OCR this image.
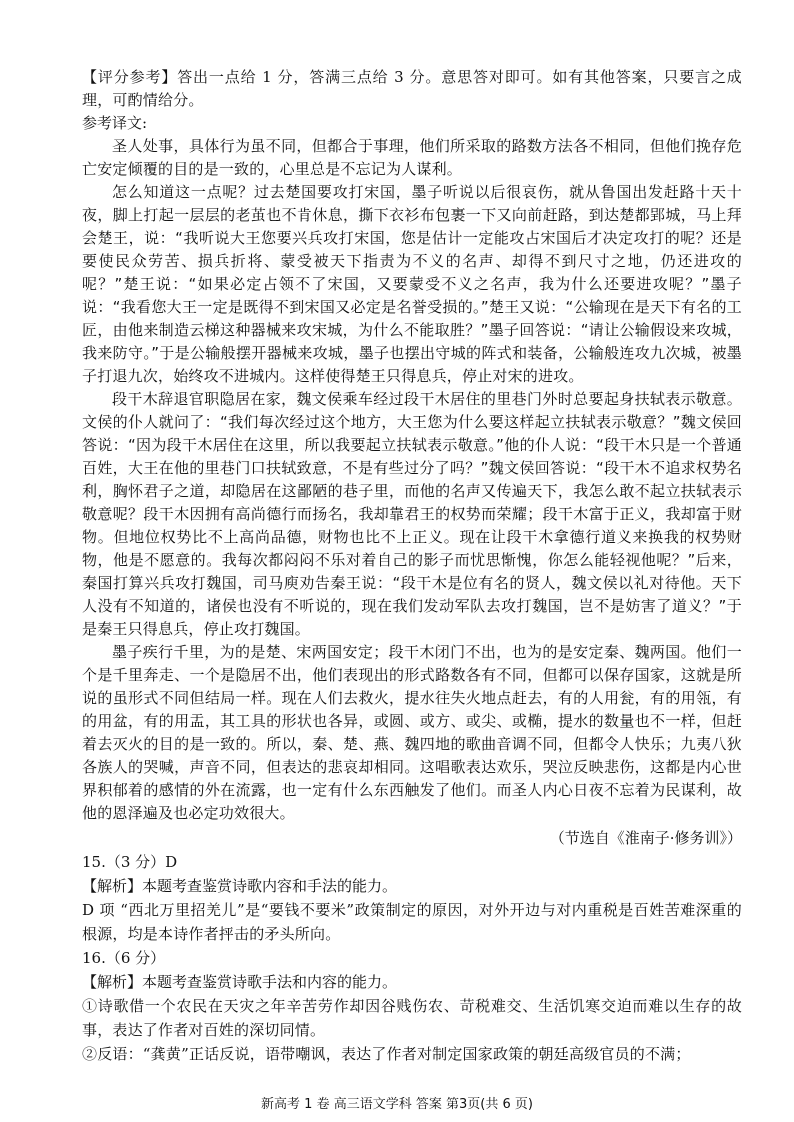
【评分参考】答出一点给 1 分，答满三点给 3 分。意思答对即可。如有其他答案，只要言之成理，可酌情给分。
参考译文:
圣人处事，具体行为虽不同，但都合于事理，他们所采取的路数方法各不相同，但他们挽存危亡安定倾覆的目的是一致的，心里总是不忘记为人谋利。
怎么知道这一点呢？过去楚国要攻打宋国，墨子听说以后很哀伤，就从鲁国出发赶路十天十夜，脚上打起一层层的老茧也不肯休息，撕下衣衫布包裹一下又向前赶路，到达楚都郢城，马上拜会楚王，说：“我听说大王您要兴兵攻打宋国，您是估计一定能攻占宋国后才决定攻打的呢？还是要使民众劳苦、损兵折将、蒙受被天下指责为不义的名声、却得不到尺寸之地，仍还进攻的呢？”楚王说：“如果必定占领不了宋国，又要蒙受不义之名声，我为什么还要进攻呢？”墨子说：“我看您大王一定是既得不到宋国又必定是名誉受损的。”楚王又说：“公输现在是天下有名的工匠，由他来制造云梯这种器械来攻宋城，为什么不能取胜？”墨子回答说：“请让公输假设来攻城，我来防守。”于是公输般摆开器械来攻城，墨子也摆出守城的阵式和装备，公输般连攻九次城，被墨子打退九次，始终攻不进城内。这样使得楚王只得息兵，停止对宋的进攻。
段干木辞退官职隐居在家，魏文侯乘车经过段干木居住的里巷门外时总要起身扶轼表示敬意。文侯的仆人就问了：“我们每次经过这个地方，大王您为什么要这样起立扶轼表示敬意？”魏文侯回答说：“因为段干木居住在这里，所以我要起立扶轼表示敬意。”他的仆人说：“段干木只是一个普通百姓，大王在他的里巷门口扶轼致意，不是有些过分了吗？”魏文侯回答说：“段干木不追求权势名利，胸怀君子之道，却隐居在这鄙陋的巷子里，而他的名声又传遍天下，我怎么敢不起立扶轼表示敬意呢？段干木因拥有高尚德行而扬名，我却靠君王的权势而荣耀；段干木富于正义，我却富于财物。但地位权势比不上高尚品德，财物也比不上正义。现在让段干木拿德行道义来换我的权势财物，他是不愿意的。我每次都闷闷不乐对着自己的影子而忧思惭愧，你怎么能轻视他呢？”后来，秦国打算兴兵攻打魏国，司马庾劝告秦王说：“段干木是位有名的贤人，魏文侯以礼对待他。天下人没有不知道的，诸侯也没有不听说的，现在我们发动军队去攻打魏国，岂不是妨害了道义？”于是秦王只得息兵，停止攻打魏国。
墨子疾行千里，为的是楚、宋两国安定；段干木闭门不出，也为的是安定秦、魏两国。他们一个是千里奔走、一个是隐居不出，他们表现出的形式路数各有不同，但都可以保存国家，这就是所说的虽形式不同但结局一样。现在人们去救火，提水往失火地点赶去，有的人用瓮，有的用瓴，有的用盆，有的用盂，其工具的形状也各异，或圆、或方、或尖、或椭，提水的数量也不一样，但赶着去灭火的目的是一致的。所以，秦、楚、燕、魏四地的歌曲音调不同，但都令人快乐；九夷八狄各族人的哭喊，声音不同，但表达的悲哀却相同。这唱歌表达欢乐，哭泣反映悲伤，这都是内心世界积郁着的感情的外在流露，也一定有什么东西触发了他们。而圣人内心日夜不忘着为民谋利，故他的恩泽遍及也必定功效很大。
（节选自《淮南子·修务训》）
15.（3 分）D
【解析】本题考查鉴赏诗歌内容和手法的能力。
D 项 “西北万里招羌儿”是“要钱不要米”政策制定的原因，对外开边与对内重税是百姓苦难深重的根源，均是本诗作者抨击的矛头所向。
16.（6 分）
【解析】本题考查鉴赏诗歌手法和内容的能力。
①诗歌借一个农民在天灾之年辛苦劳作却因谷贱伤农、苛税难交、生活饥寒交迫而难以生存的故事，表达了作者对百姓的深切同情。
②反语：“龚黄”正话反说，语带嘲讽，表达了作者对制定国家政策的朝廷高级官员的不满；
新高考 1 卷 高三语文学科 答案 第3页(共 6 页)
